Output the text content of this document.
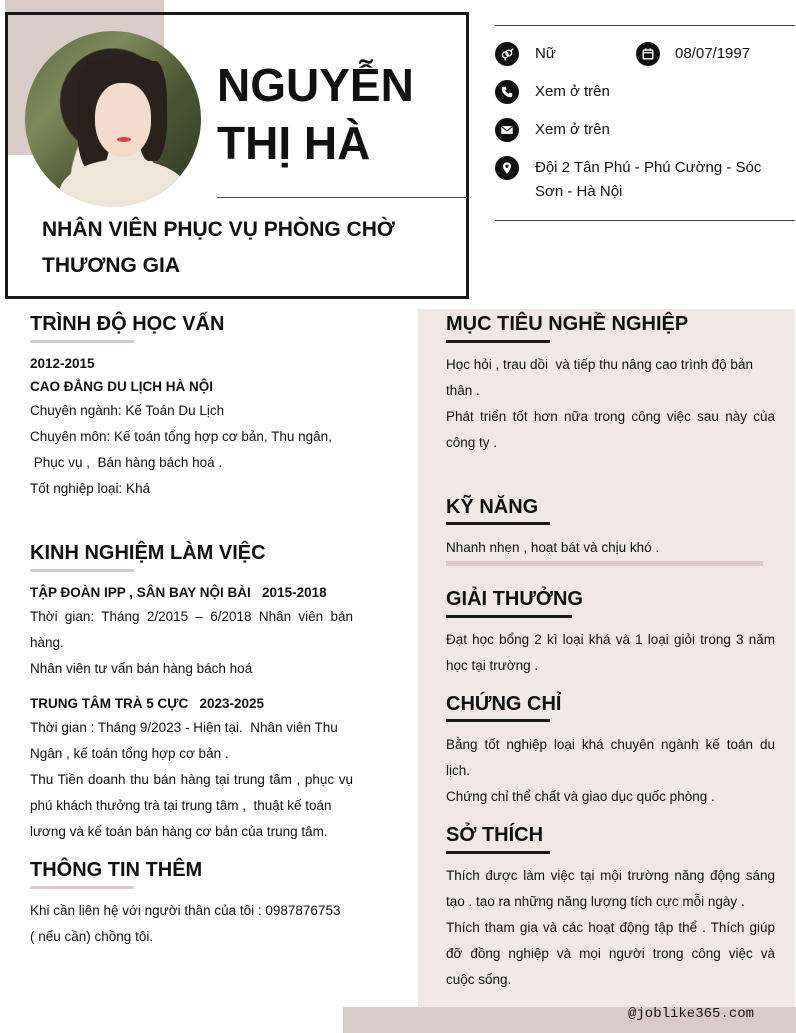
NGUYỄN
THỊ HÀ
NHÂN VIÊN PHỤC VỤ PHÒNG CHỜ
THƯƠNG GIA
Nữ	08/07/1997
Xem ở trên
Xem ở trên
Đội 2 Tân Phú - Phú Cường - Sóc
Sơn - Hà Nội
TRÌNH ĐỘ HỌC VẤN
2012-2015
CAO ĐẲNG DU LỊCH HÀ NỘI
Chuyên ngành: Kế Toán Du Lịch
Chuyên môn: Kế toán tổng hợp cơ bản, Thu ngân,
Phục vụ ,  Bán hàng bách hoá .
Tốt nghiệp loại: Khá
KINH NGHIỆM LÀM VIỆC
TẬP ĐOÀN IPP , SÂN BAY NỘI BÀI   2015-2018
Thời gian: Tháng 2/2015 – 6/2018 Nhân viên bán
hàng.
Nhân viên tư vấn bán hàng bách hoá
TRUNG TÂM TRÀ 5 CỰC   2023-2025
Thời gian : Tháng 9/2023 - Hiện tại.  Nhân viên Thu
Ngân , kế toán tổng hợp cơ bản .
Thu Tiền doanh thu bán hàng tại trung tâm , phục vụ
phú khách thưởng trà tại trung tâm ,  thuật kế toán
lương và kế toán bán hàng cơ bản của trung tâm.
THÔNG TIN THÊM
Khi cần liên hệ với người thân của tôi : 0987876753
( nếu cần) chồng tôi.
MỤC TIÊU NGHỀ NGHIỆP
Học hỏi , trau dồi  và tiếp thu nâng cao trình độ bản
thân .
Phát triển tốt hơn nữa trong công việc sau này của
công ty .
KỸ NĂNG
Nhanh nhẹn , hoạt bát và chịu khó .
GIẢI THƯỞNG
Đạt học bổng 2 kì loại khá và 1 loại giỏi trong 3 năm
học tại trường .
CHỨNG CHỈ
Bằng tốt nghiệp loại khá chuyên ngành kế toán du
lịch.
Chứng chỉ thể chất và giao dục quốc phòng .
SỞ THÍCH
Thích được làm việc tại mội trường năng động sáng
tạo . tạo ra những năng lượng tích cực mỗi ngày .
Thích tham gia và các hoạt động tập thể . Thích giúp
đỡ đồng nghiệp và mọi người trong công việc và
cuộc sống.
@joblike365.com
